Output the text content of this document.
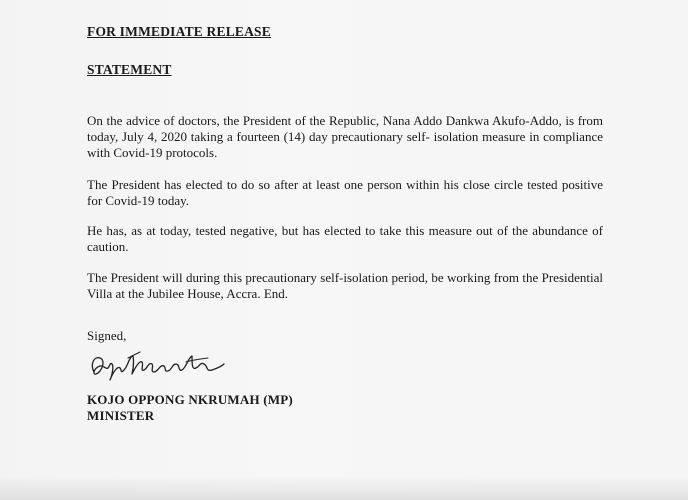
FOR IMMEDIATE RELEASE

STATEMENT

On the advice of doctors, the President of the Republic, Nana Addo Dankwa Akufo-Addo, is from today, July 4, 2020 taking a fourteen (14) day precautionary self- isolation measure in compliance with Covid-19 protocols.

The President has elected to do so after at least one person within his close circle tested positive for Covid-19 today.

He has, as at today, tested negative, but has elected to take this measure out of the abundance of caution.

The President will during this precautionary self-isolation period, be working from the Presidential Villa at the Jubilee House, Accra. End.

Signed,

KOJO OPPONG NKRUMAH (MP)

MINISTER
